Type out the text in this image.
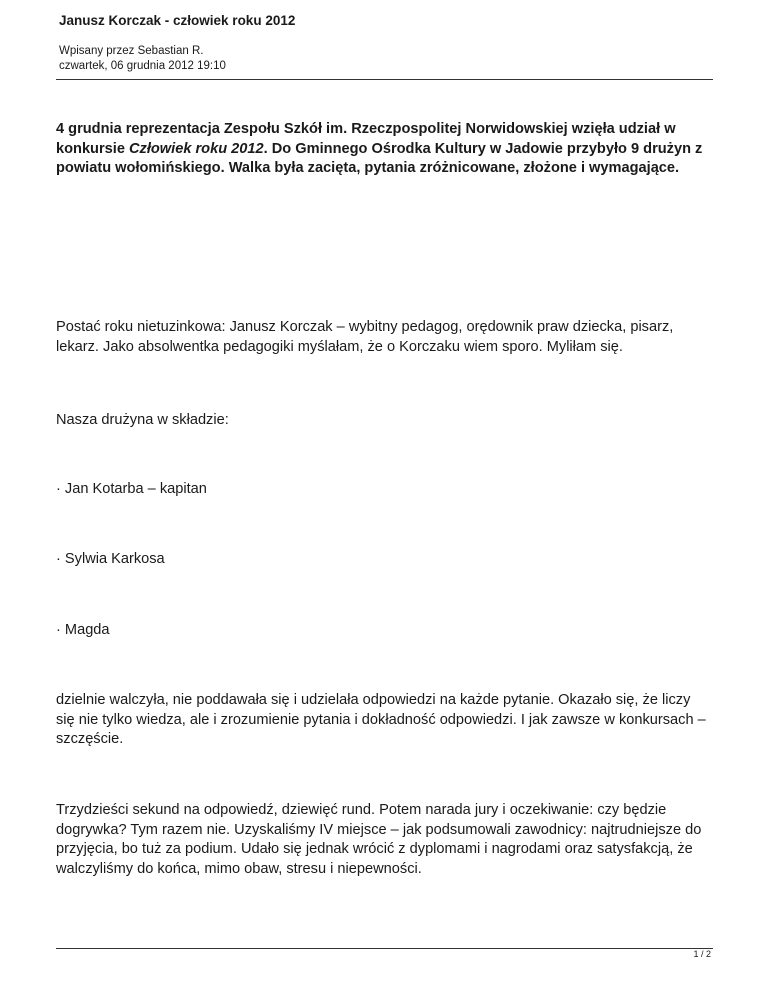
Janusz Korczak - człowiek roku 2012
Wpisany przez Sebastian R.
czwartek, 06 grudnia 2012 19:10

4 grudnia reprezentacja Zespołu Szkół im. Rzeczpospolitej Norwidowskiej wzięła udział w konkursie Człowiek roku 2012. Do Gminnego Ośrodka Kultury w Jadowie przybyło 9 drużyn z powiatu wołomińskiego. Walka była zacięta, pytania zróżnicowane, złożone i wymagające.

Postać roku nietuzinkowa: Janusz Korczak – wybitny pedagog, orędownik praw dziecka, pisarz, lekarz. Jako absolwentka pedagogiki myślałam, że o Korczaku wiem sporo. Myliłam się.

Nasza drużyna w składzie:

· Jan Kotarba – kapitan

· Sylwia Karkosa

· Magda

dzielnie walczyła, nie poddawała się i udzielała odpowiedzi na każde pytanie. Okazało się, że liczy się nie tylko wiedza, ale i zrozumienie pytania i dokładność odpowiedzi. I jak zawsze w konkursach – szczęście.

Trzydzieści sekund na odpowiedź, dziewięć rund. Potem narada jury i oczekiwanie: czy będzie dogrywka? Tym razem nie. Uzyskaliśmy IV miejsce – jak podsumowali zawodnicy: najtrudniejsze do przyjęcia, bo tuż za podium. Udało się jednak wrócić z dyplomami i nagrodami oraz satysfakcją, że walczyliśmy do końca, mimo obaw, stresu i niepewności.

1 / 2
